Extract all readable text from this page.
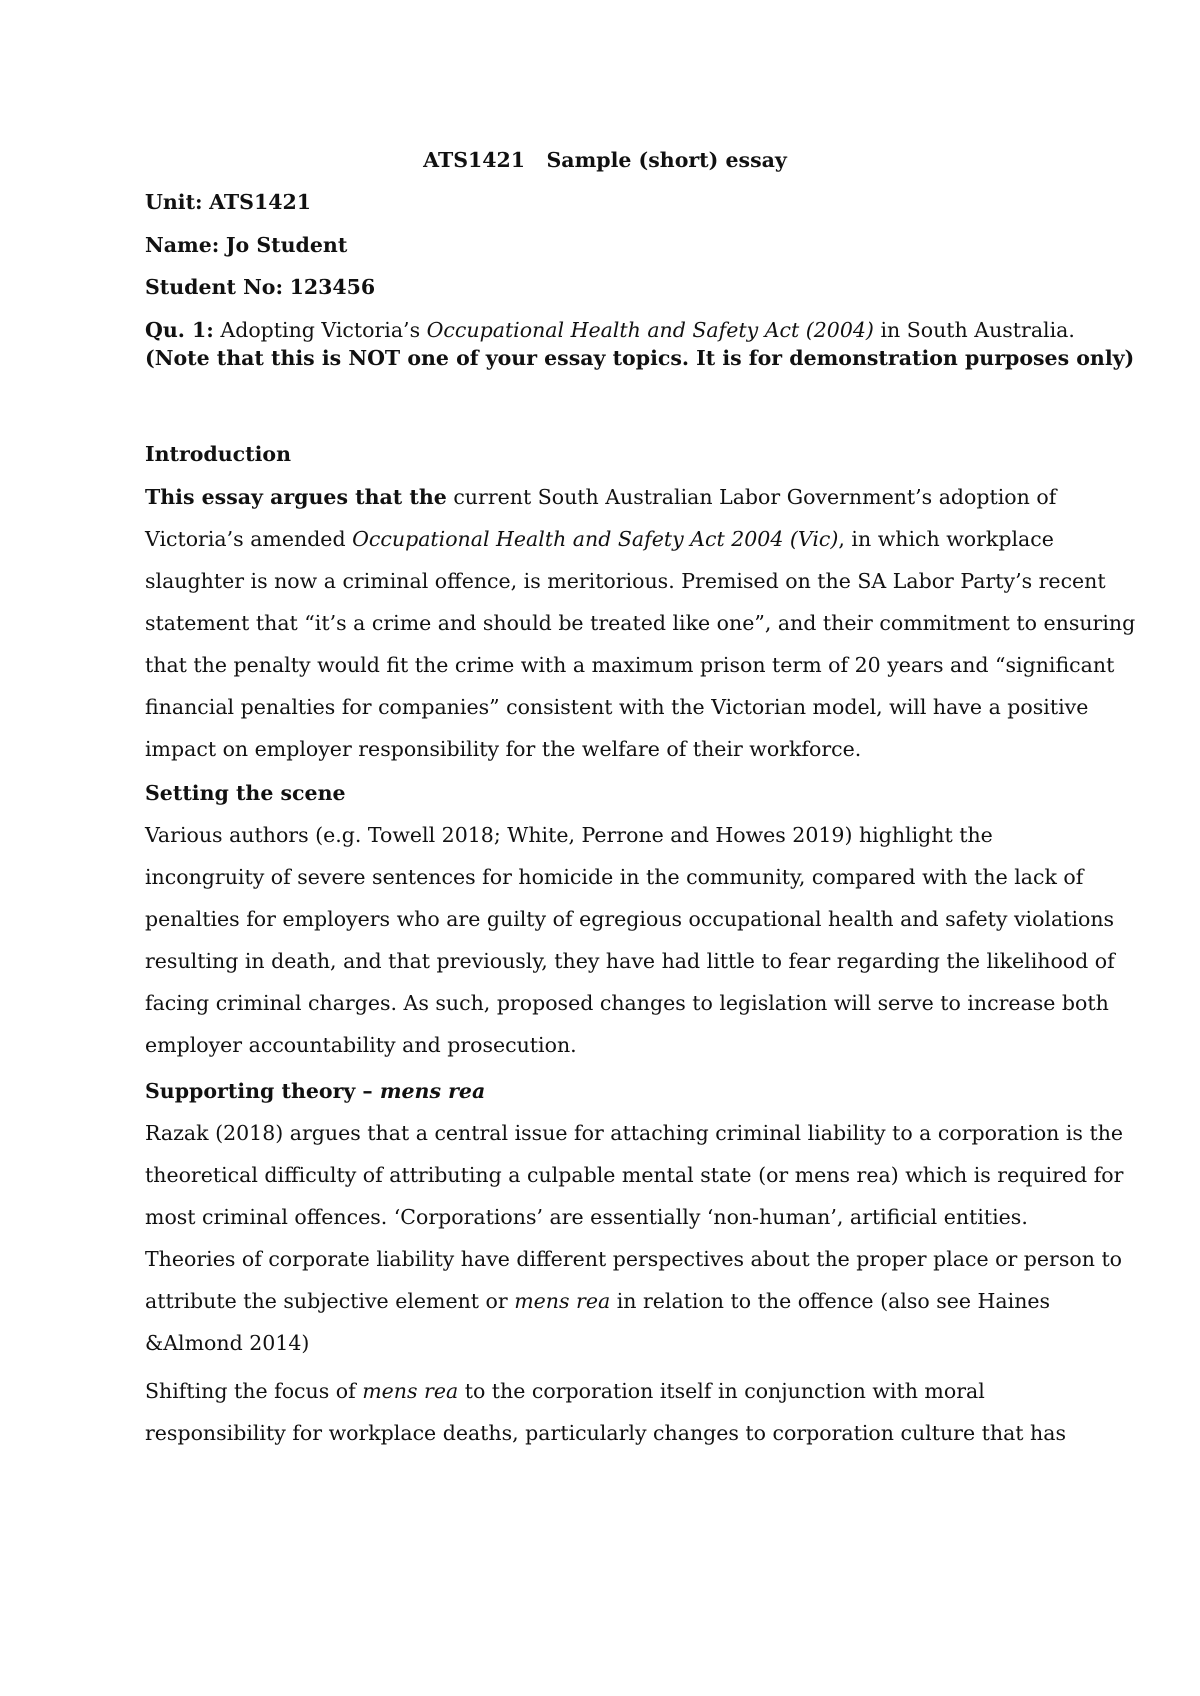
ATS1421   Sample (short) essay
Unit: ATS1421
Name: Jo Student
Student No: 123456
Qu. 1: Adopting Victoria’s Occupational Health and Safety Act (2004) in South Australia.
(Note that this is NOT one of your essay topics. It is for demonstration purposes only)
Introduction
This essay argues that the current South Australian Labor Government’s adoption of
Victoria’s amended Occupational Health and Safety Act 2004 (Vic), in which workplace
slaughter is now a criminal offence, is meritorious. Premised on the SA Labor Party’s recent
statement that “it’s a crime and should be treated like one”, and their commitment to ensuring
that the penalty would fit the crime with a maximum prison term of 20 years and “significant
financial penalties for companies” consistent with the Victorian model, will have a positive
impact on employer responsibility for the welfare of their workforce.
Setting the scene
Various authors (e.g. Towell 2018; White, Perrone and Howes 2019) highlight the
incongruity of severe sentences for homicide in the community, compared with the lack of
penalties for employers who are guilty of egregious occupational health and safety violations
resulting in death, and that previously, they have had little to fear regarding the likelihood of
facing criminal charges. As such, proposed changes to legislation will serve to increase both
employer accountability and prosecution.
Supporting theory – mens rea
Razak (2018) argues that a central issue for attaching criminal liability to a corporation is the
theoretical difficulty of attributing a culpable mental state (or mens rea) which is required for
most criminal offences. ‘Corporations’ are essentially ‘non-human’, artificial entities.
Theories of corporate liability have different perspectives about the proper place or person to
attribute the subjective element or mens rea in relation to the offence (also see Haines
&Almond 2014)
Shifting the focus of mens rea to the corporation itself in conjunction with moral
responsibility for workplace deaths, particularly changes to corporation culture that has
